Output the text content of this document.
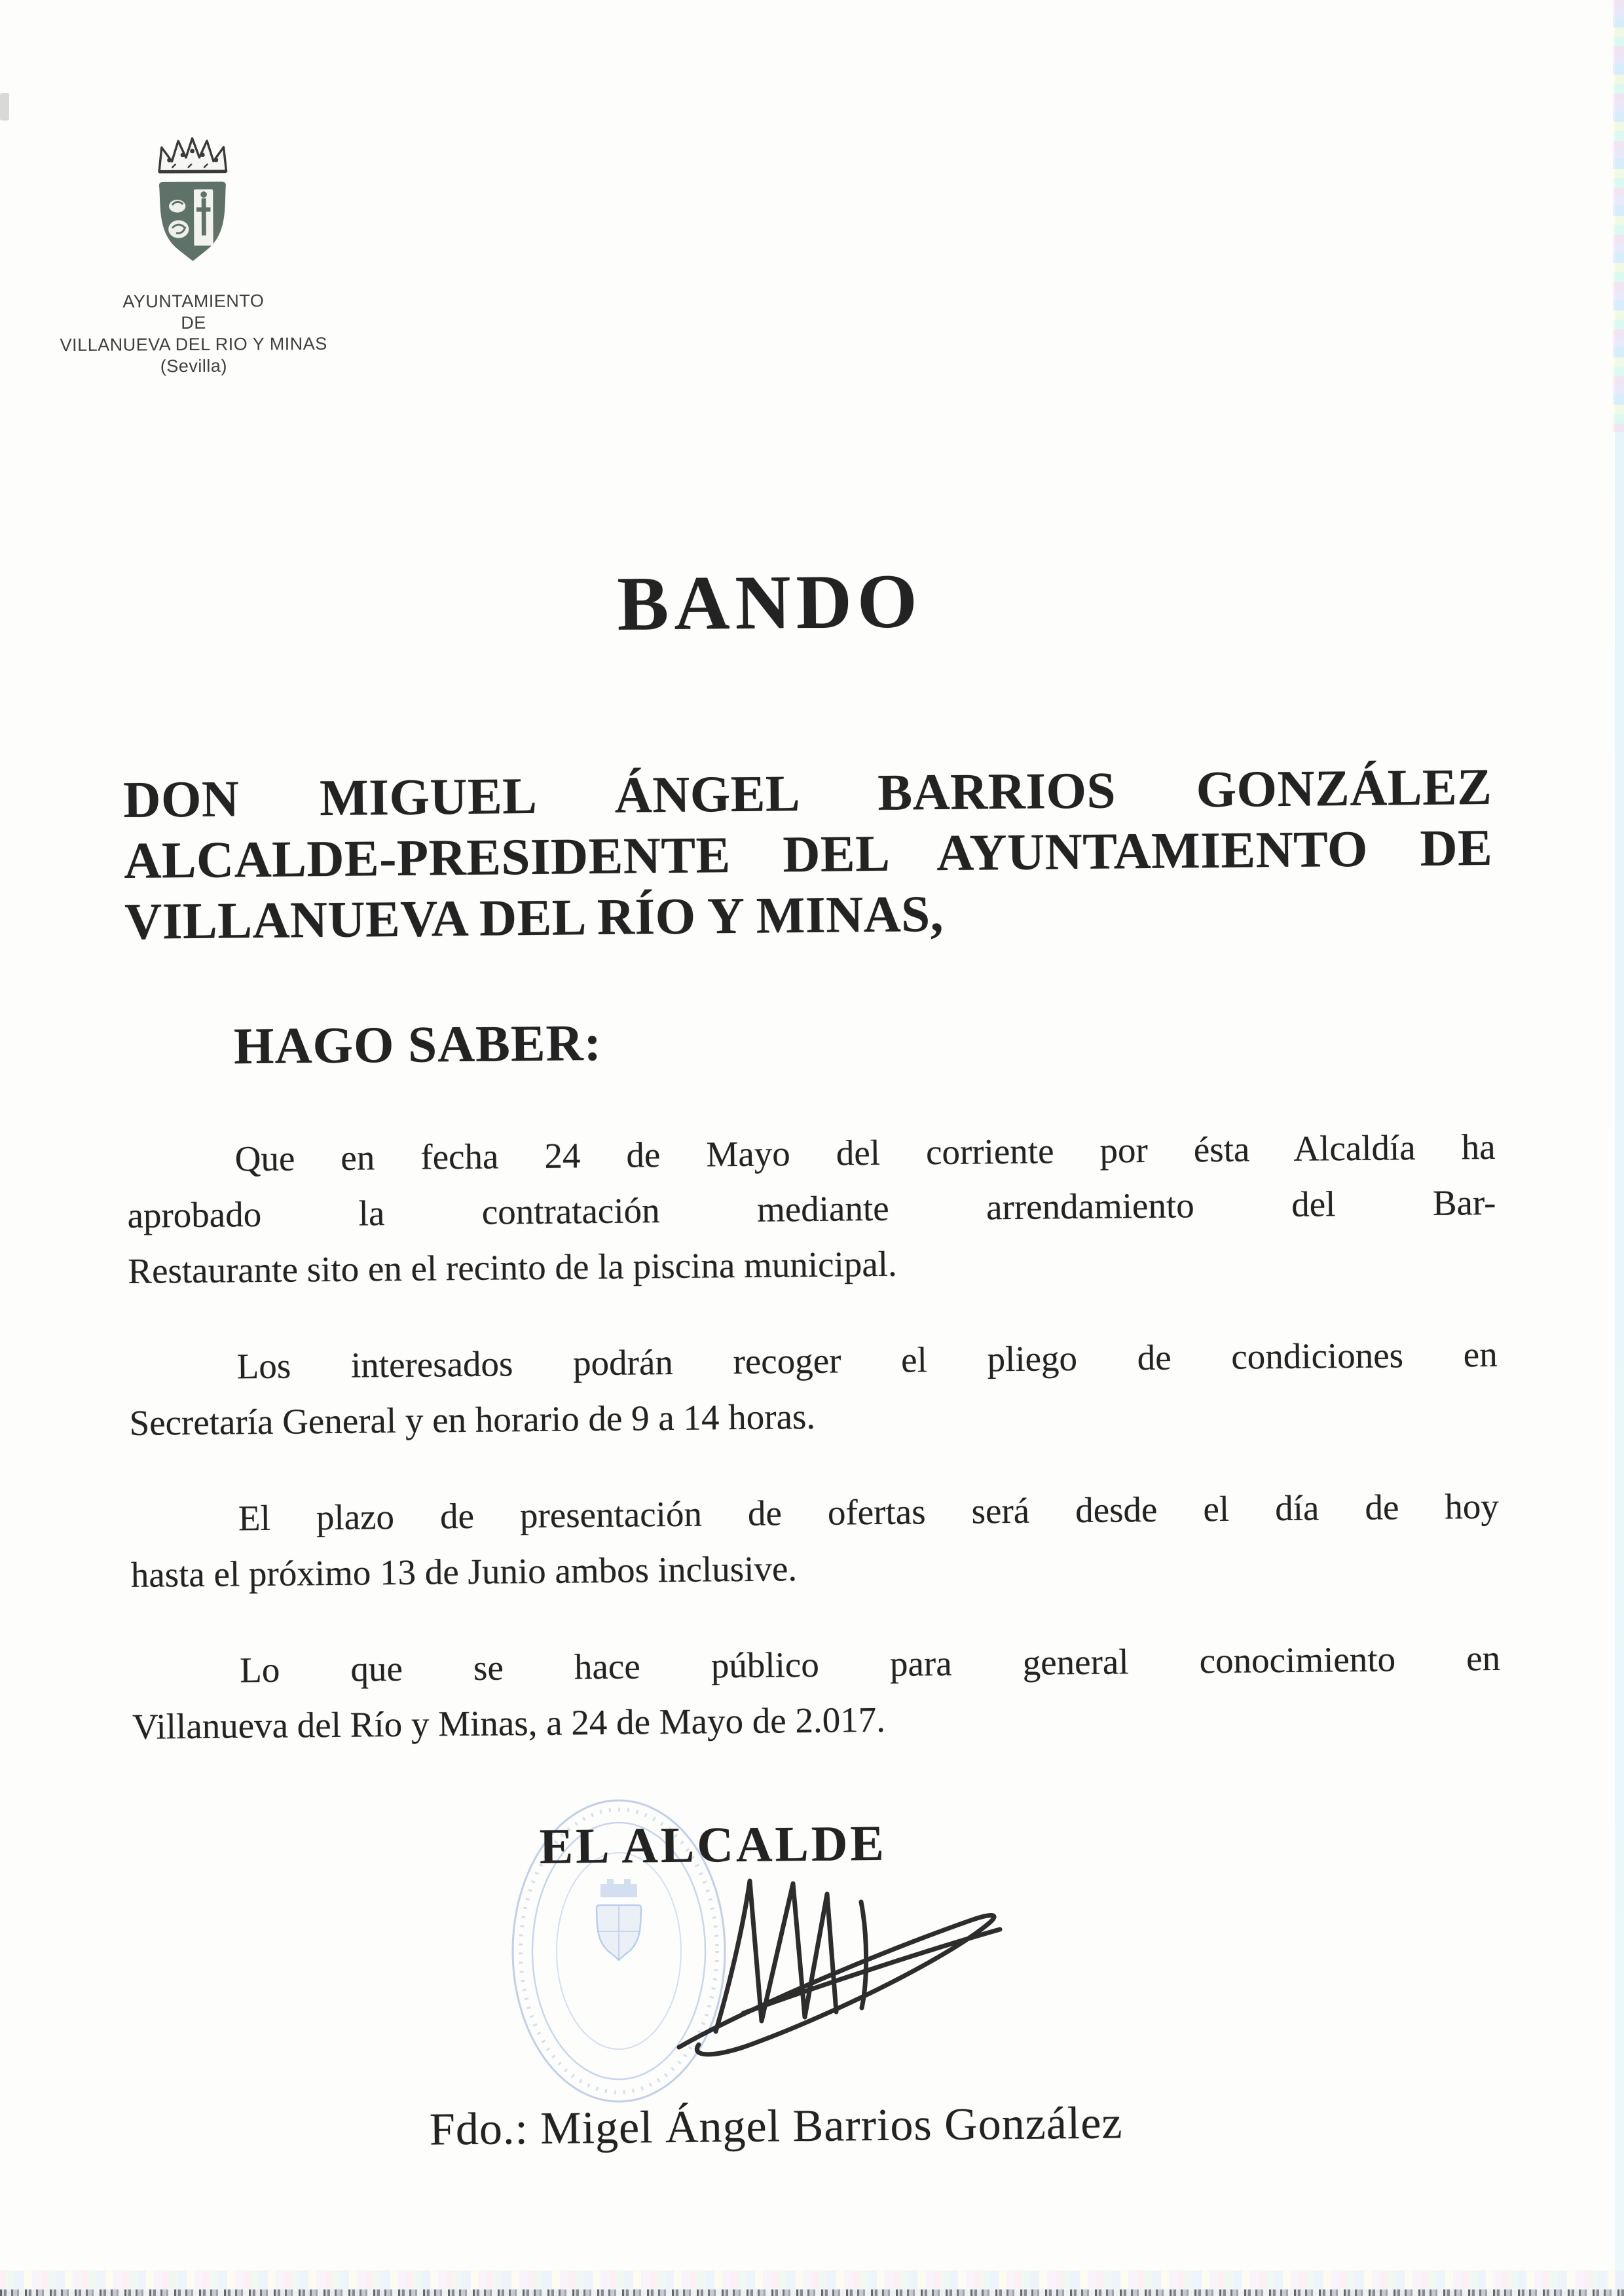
AYUNTAMIENTO
DE
VILLANUEVA DEL RIO Y MINAS
(Sevilla)
BANDO
DON MIGUEL ÁNGEL BARRIOS GONZÁLEZ
ALCALDE-PRESIDENTE DEL AYUNTAMIENTO DE
VILLANUEVA DEL RÍO Y MINAS,
HAGO SABER:
Que en fecha 24 de Mayo del corriente por ésta Alcaldía ha
aprobado la contratación mediante arrendamiento del Bar-
Restaurante sito en el recinto de la piscina municipal.
Los interesados podrán recoger el pliego de condiciones en
Secretaría General y en horario de 9 a 14 horas.
El plazo de presentación de ofertas será desde el día de hoy
hasta el próximo 13 de Junio ambos inclusive.
Lo que se hace público para general conocimiento en
Villanueva del Río y Minas, a 24 de Mayo de 2.017.
EL ALCALDE
Fdo.: Migel Ángel Barrios González
